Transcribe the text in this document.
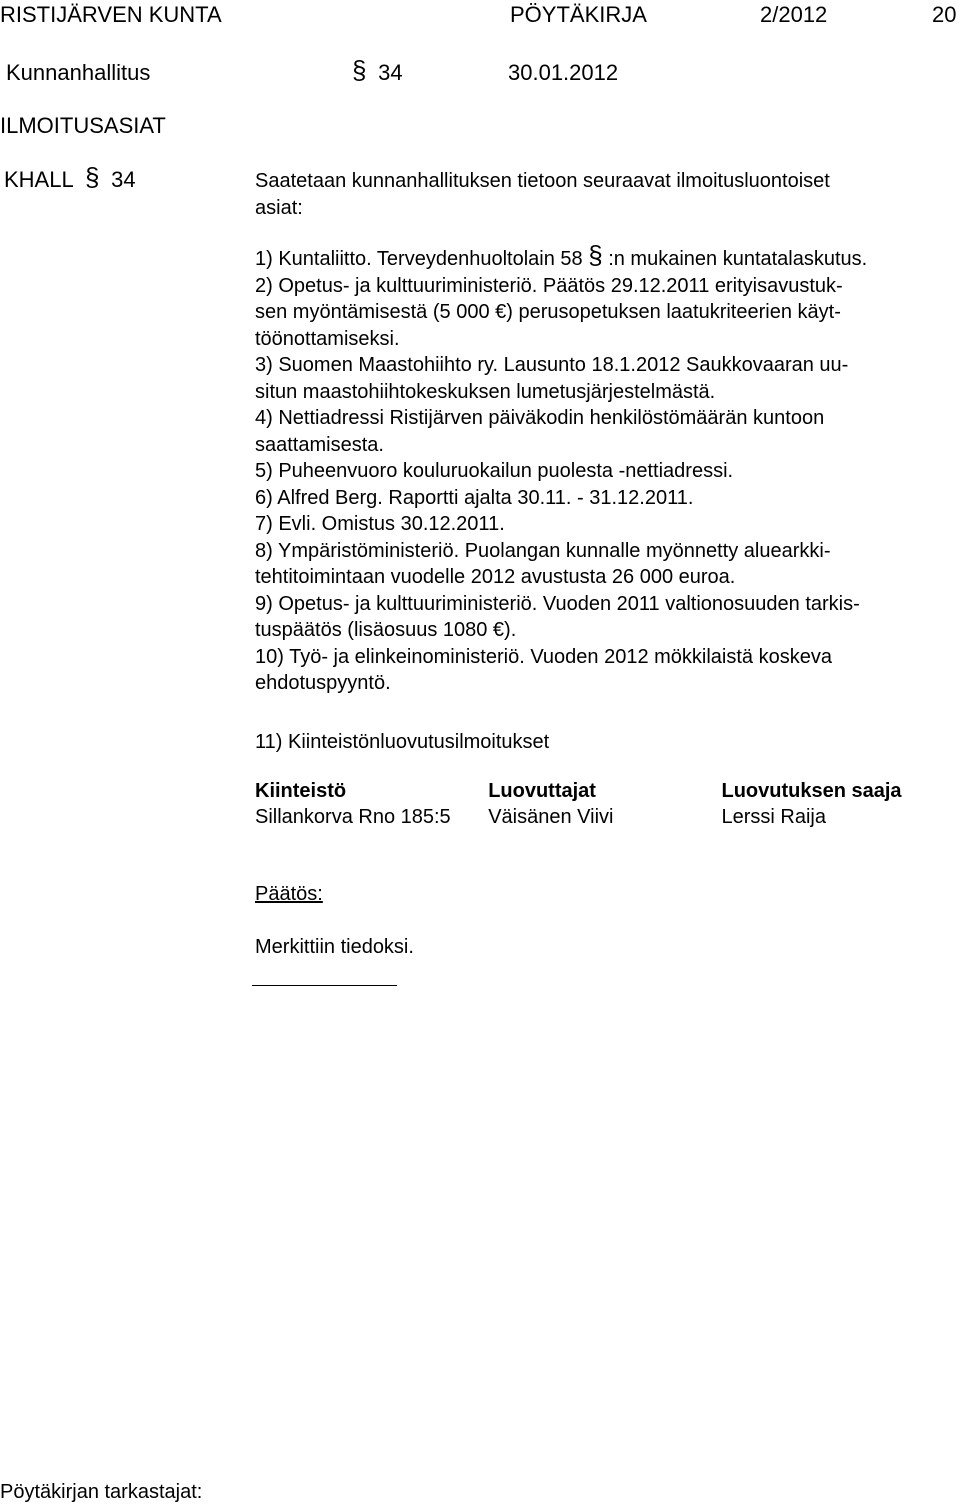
RISTIJÄRVEN KUNTA	PÖYTÄKIRJA	2/2012	20
Kunnanhallitus §	34	30.01.2012
ILMOITUSASIAT
KHALL § 34	Saatetaan kunnanhallituksen tietoon seuraavat ilmoitusluontoiset
asiat:
1) Kuntaliitto. Terveydenhuoltolain 58 §:n mukainen kuntatalaskutus.
2) Opetus- ja kulttuuriministeriö. Päätös 29.12.2011 erityisavustuk-
sen myöntämisestä (5 000 €) perusopetuksen laatukriteerien käyt-
töönottamiseksi.
3) Suomen Maastohiihto ry. Lausunto 18.1.2012 Saukkovaaran uu-
situn maastohiihtokeskuksen lumetusjärjestelmästä.
4) Nettiadressi Ristijärven päiväkodin henkilöstömäärän kuntoon
saattamisesta.
5) Puheenvuoro kouluruokailun puolesta -nettiadressi.
6) Alfred Berg. Raportti ajalta 30.11. - 31.12.2011.
7) Evli. Omistus 30.12.2011.
8) Ympäristöministeriö. Puolangan kunnalle myönnetty aluearkki-
tehtitoimintaan vuodelle 2012 avustusta 26 000 euroa.
9) Opetus- ja kulttuuriministeriö. Vuoden 2011 valtionosuuden tarkis-
tuspäätös (lisäosuus 1080 €).
10) Työ- ja elinkeinoministeriö. Vuoden 2012 mökkilaistä koskeva
ehdotuspyyntö.
11) Kiinteistönluovutusilmoitukset
Kiinteistö	Luovuttajat	Luovutuksen saaja
Sillankorva Rno 185:5	Väisänen Viivi	Lerssi Raija
Päätös:
Merkittiin tiedoksi.
Pöytäkirjan tarkastajat:
